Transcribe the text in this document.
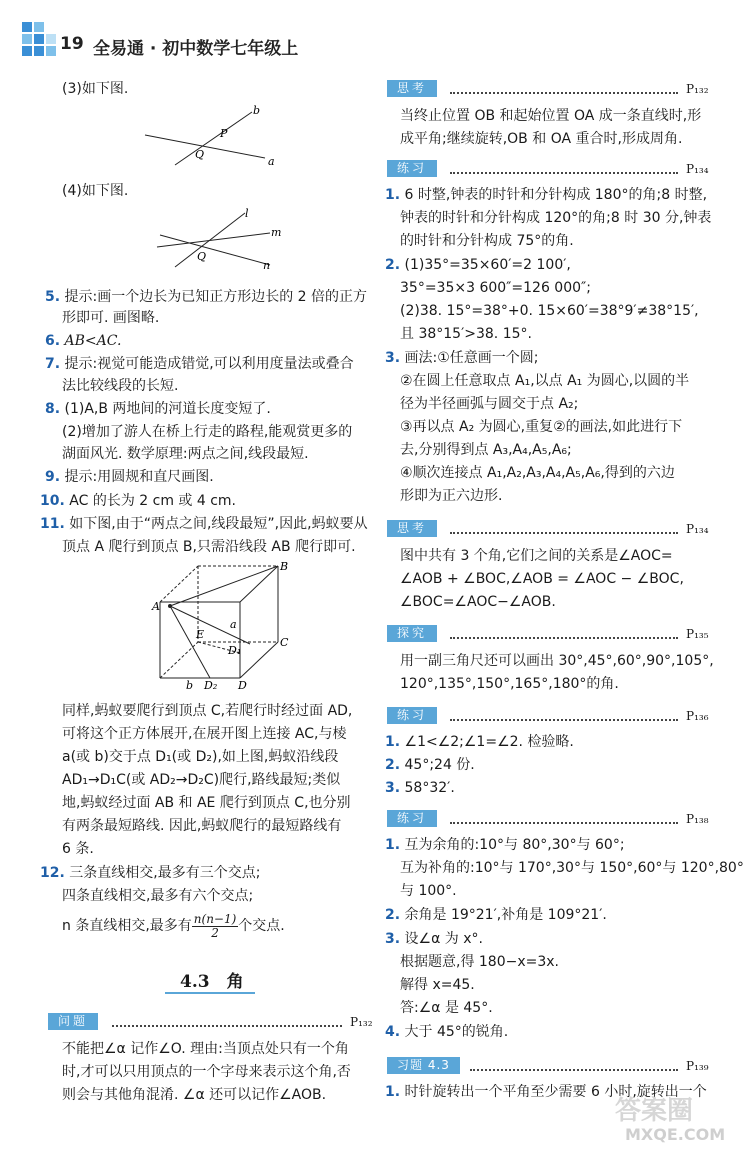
19 全易通 · 初中数学七年级上
(3)如下图.
b
P
Q
a
(4)如下图.
l
m
Q
n
5. 提示:画一个边长为已知正方形边长的 2 倍的正方
形即可. 画图略.
6. AB<AC.
7. 提示:视觉可能造成错觉,可以利用度量法或叠合
法比较线段的长短.
8. (1)A,B 两地间的河道长度变短了.
(2)增加了游人在桥上行走的路程,能观赏更多的
湖面风光. 数学原理:两点之间,线段最短.
9. 提示:用圆规和直尺画图.
10. AC 的长为 2 cm 或 4 cm.
11. 如下图,由于“两点之间,线段最短”,因此,蚂蚁要从
顶点 A 爬行到顶点 B,只需沿线段 AB 爬行即可.
A
B
C
D
E
a
b
D₁
D₂
同样,蚂蚁要爬行到顶点 C,若爬行时经过面 AD,
可将这个正方体展开,在展开图上连接 AC,与棱
a(或 b)交于点 D₁(或 D₂),如上图,蚂蚁沿线段
AD₁→D₁C(或 AD₂→D₂C)爬行,路线最短;类似
地,蚂蚁经过面 AB 和 AE 爬行到顶点 C,也分别
有两条最短路线. 因此,蚂蚁爬行的最短路线有
6 条.
12. 三条直线相交,最多有三个交点;
四条直线相交,最多有六个交点;
n 条直线相交,最多有 $\frac{n(n-1)}{2}$ 个交点.
4.3　角
问题	P₁₃₂
不能把∠α 记作∠O. 理由:当顶点处只有一个角
时,才可以只用顶点的一个字母来表示这个角,否
则会与其他角混淆. ∠α 还可以记作∠AOB.
思考	P₁₃₂
当终止位置 OB 和起始位置 OA 成一条直线时,形
成平角;继续旋转,OB 和 OA 重合时,形成周角.
练习	P₁₃₄
1. 6 时整,钟表的时针和分针构成 180°的角;8 时整,
钟表的时针和分针构成 120°的角;8 时 30 分,钟表
的时针和分针构成 75°的角.
2. (1)35°=35×60′=2 100′,
35°=35×3 600″=126 000″;
(2)38. 15°=38°+0. 15×60′=38°9′≠38°15′,
且 38°15′>38. 15°.
3. 画法:①任意画一个圆;
②在圆上任意取点 A₁,以点 A₁ 为圆心,以圆的半
径为半径画弧与圆交于点 A₂;
③再以点 A₂ 为圆心,重复②的画法,如此进行下
去,分别得到点 A₃,A₄,A₅,A₆;
④顺次连接点 A₁,A₂,A₃,A₄,A₅,A₆,得到的六边
形即为正六边形.
思考	P₁₃₄
图中共有 3 个角,它们之间的关系是∠AOC=
∠AOB + ∠BOC,∠AOB = ∠AOC − ∠BOC,
∠BOC=∠AOC−∠AOB.
探究	P₁₃₅
用一副三角尺还可以画出 30°,45°,60°,90°,105°,
120°,135°,150°,165°,180°的角.
练习	P₁₃₆
1. ∠1<∠2;∠1=∠2. 检验略.
2. 45°;24 份.
3. 58°32′.
练习	P₁₃₈
1. 互为余角的:10°与 80°,30°与 60°;
互为补角的:10°与 170°,30°与 150°,60°与 120°,80°
与 100°.
2. 余角是 19°21′,补角是 109°21′.
3. 设∠α 为 x°.
根据题意,得 180−x=3x.
解得 x=45.
答:∠α 是 45°.
4. 大于 45°的锐角.
习题 4.3	P₁₃₉
1. 时针旋转出一个平角至少需要 6 小时,旋转出一个
答案圈
MXQE.COM
